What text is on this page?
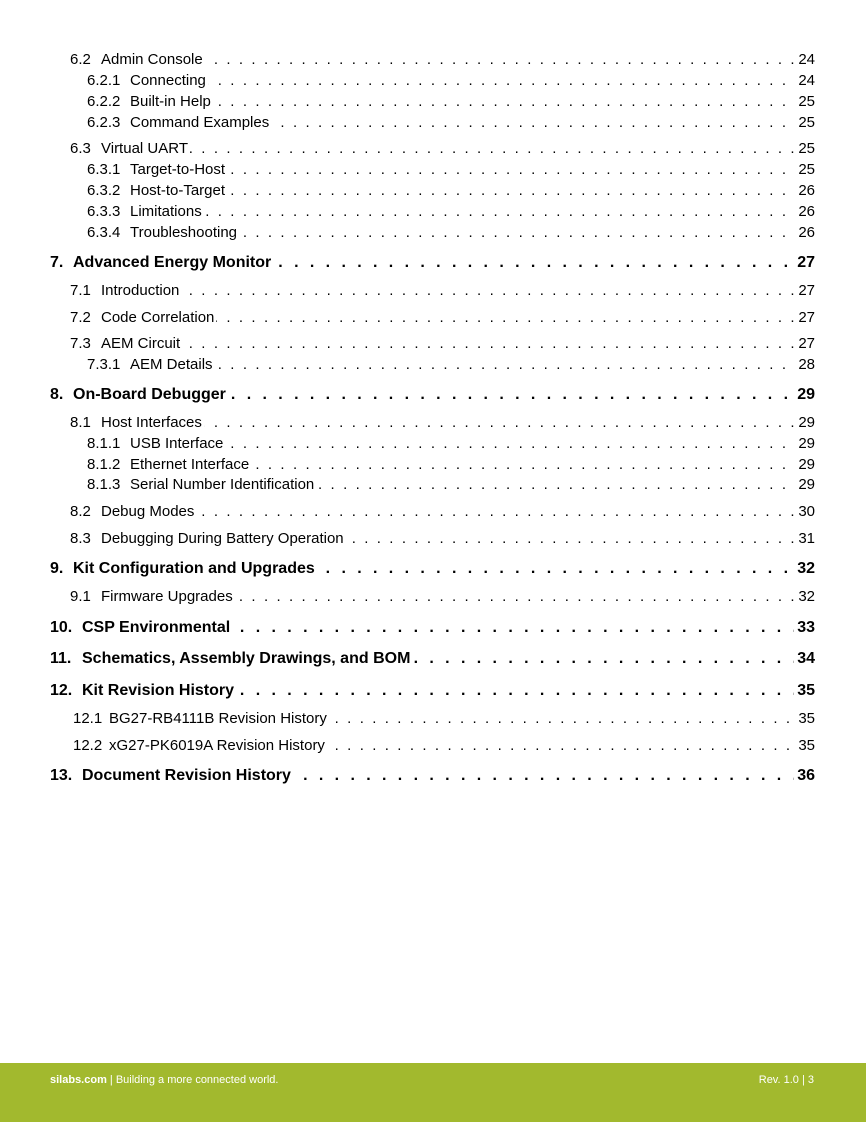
. . .
6.2 Admin Console	24
. . .
6.2.1 Connecting	24
. . .
6.2.2 Built-in Help	25
. . .
6.2.3 Command Examples	25
. . .
6.3 Virtual UART	25
. . .
6.3.1 Target-to-Host	25
. . .
6.3.2 Host-to-Target	26
. . .
6.3.3 Limitations	26
. . .
6.3.4 Troubleshooting	26
. . .
7. Advanced Energy Monitor	27
. . .
7.1 Introduction	27
. . .
7.2 Code Correlation	27
. . .
7.3 AEM Circuit	27
. . .
7.3.1 AEM Details	28
. . .
8. On-Board Debugger	29
. . .
8.1 Host Interfaces	29
. . .
8.1.1 USB Interface	29
. . .
8.1.2 Ethernet Interface	29
. . .
8.1.3 Serial Number Identification	29
. . .
8.2 Debug Modes	30
. . .
8.3 Debugging During Battery Operation	31
. . .
9. Kit Configuration and Upgrades	32
. . .
9.1 Firmware Upgrades	32
. . .
10. CSP Environmental	33
. . .
11. Schematics, Assembly Drawings, and BOM	34
. . .
12. Kit Revision History	35
. . .
12.1 BG27-RB4111B Revision History	35
. . .
12.2 xG27-PK6019A Revision History	35
. . .
13. Document Revision History	36
silabs.com | Building a more connected world.	Rev. 1.0 | 3
